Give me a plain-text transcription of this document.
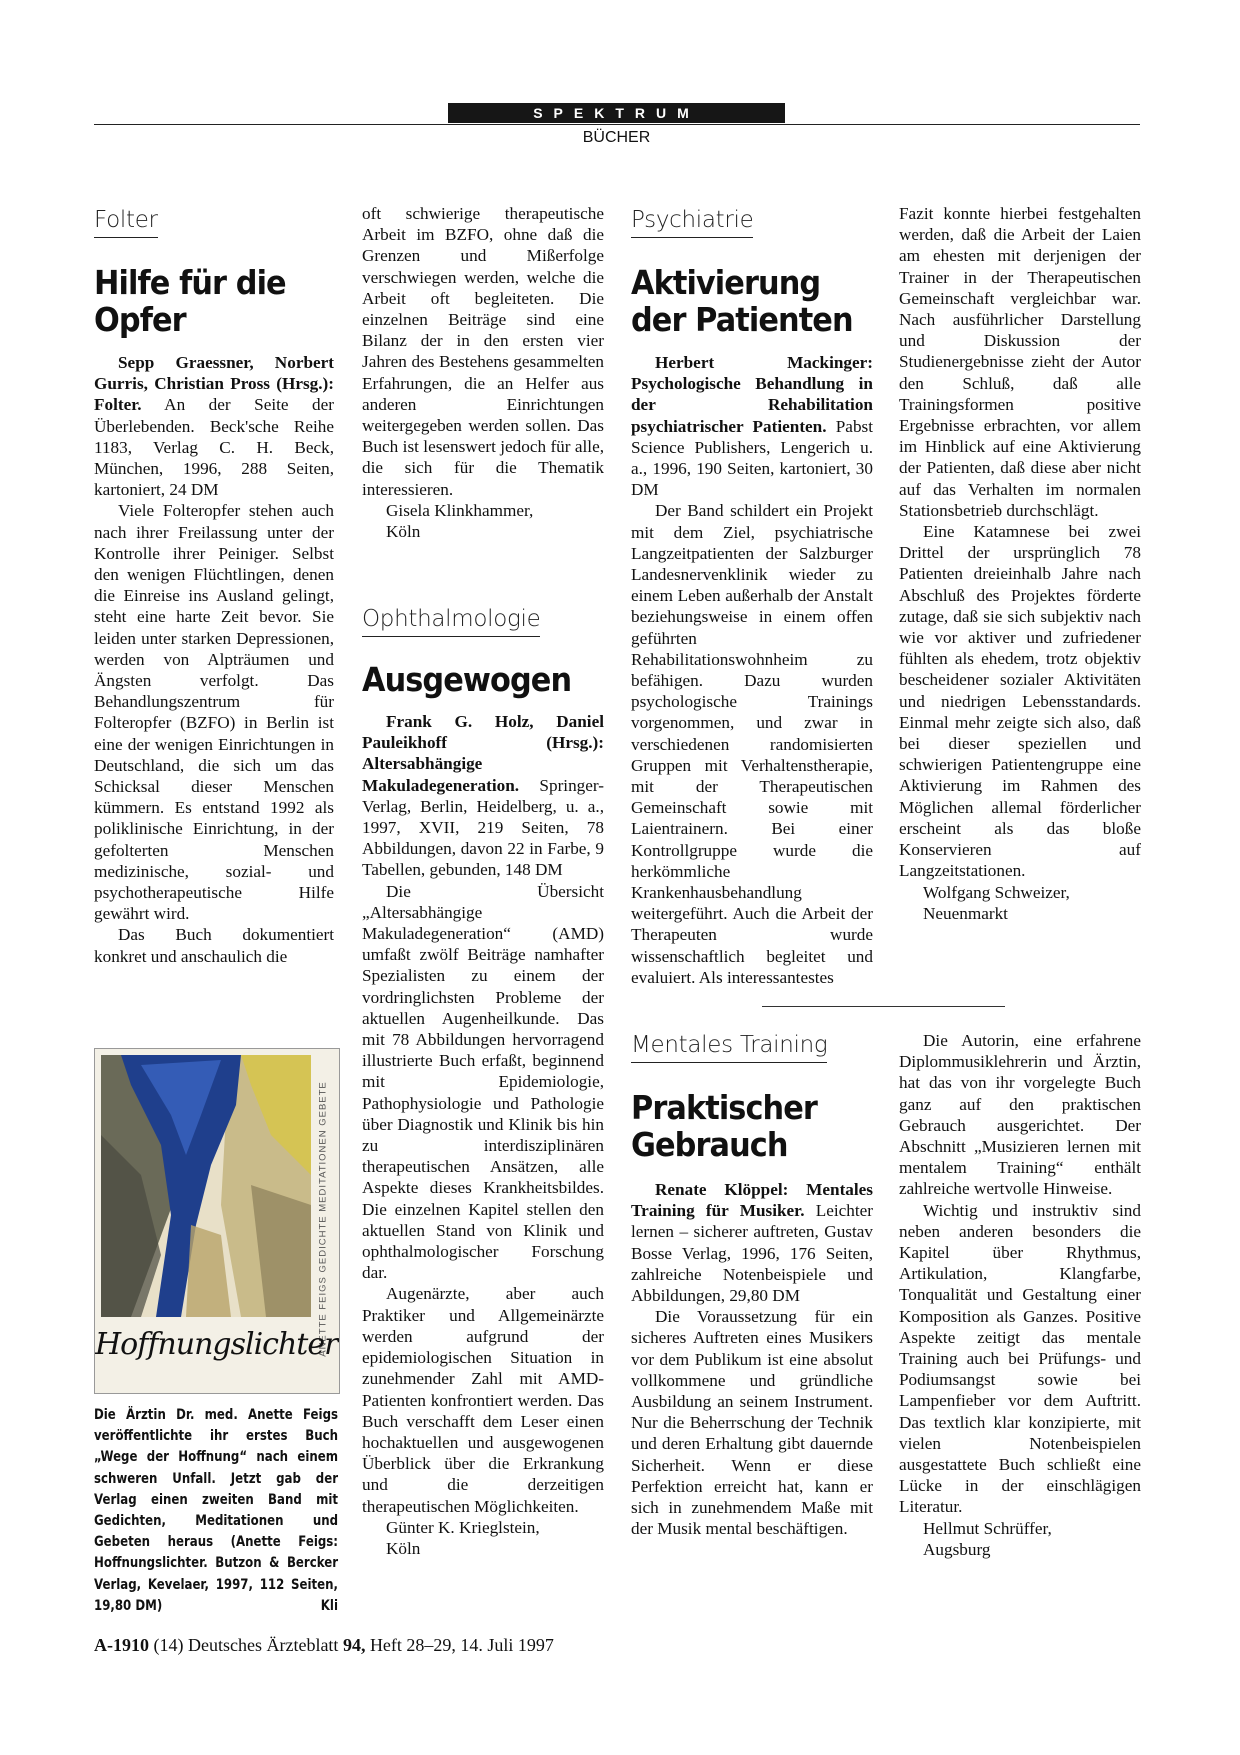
SPEKTRUM
BÜCHER
Folter
Hilfe für die Opfer

Sepp Graessner, Norbert Gurris, Christian Pross (Hrsg.): Folter. An der Seite der Überlebenden. Beck'sche Reihe 1183, Verlag C. H. Beck, München, 1996, 288 Seiten, kartoniert, 24 DM

Viele Folteropfer stehen auch nach ihrer Freilassung unter der Kontrolle ihrer Peiniger. Selbst den wenigen Flüchtlingen, denen die Einreise ins Ausland gelingt, steht eine harte Zeit bevor. Sie leiden unter starken Depressionen, werden von Alpträumen und Ängsten verfolgt. Das Behandlungszentrum für Folteropfer (BZFO) in Berlin ist eine der wenigen Einrichtungen in Deutschland, die sich um das Schicksal dieser Menschen kümmern. Es entstand 1992 als poliklinische Einrichtung, in der gefolterten Menschen medizinische, sozial- und psychotherapeutische Hilfe gewährt wird.

Das Buch dokumentiert konkret und anschaulich die

oft schwierige therapeutische Arbeit im BZFO, ohne daß die Grenzen und Mißerfolge verschwiegen werden, welche die Arbeit oft begleiteten. Die einzelnen Beiträge sind eine Bilanz der in den ersten vier Jahren des Bestehens gesammelten Erfahrungen, die an Helfer aus anderen Einrichtungen weitergegeben werden sollen. Das Buch ist lesenswert jedoch für alle, die sich für die Thematik interessieren.

Gisela Klinkhammer,
Köln
ANETTE FEIGS GEDICHTE MEDITATIONEN GEBETE
Hoffnungslichter
Die Ärztin Dr. med. Anette Feigs veröffentlichte ihr erstes Buch „Wege der Hoffnung“ nach einem schweren Unfall. Jetzt gab der Verlag einen zweiten Band mit Gedichten, Meditationen und Gebeten heraus (Anette Feigs: Hoffnungslichter. Butzon & Bercker Verlag, Kevelaer, 1997, 112 Seiten, 19,80 DM)	Kli
Ophthalmologie
Ausgewogen

Frank G. Holz, Daniel Pauleikhoff (Hrsg.): Altersabhängige Makuladegeneration. Springer-Verlag, Berlin, Heidelberg, u. a., 1997, XVII, 219 Seiten, 78 Abbildungen, davon 22 in Farbe, 9 Tabellen, gebunden, 148 DM

Die Übersicht „Altersabhängige Makuladegeneration“ (AMD) umfaßt zwölf Beiträge namhafter Spezialisten zu einem der vordringlichsten Probleme der aktuellen Augenheilkunde. Das mit 78 Abbildungen hervorragend illustrierte Buch erfaßt, beginnend mit Epidemiologie, Pathophysiologie und Pathologie über Diagnostik und Klinik bis hin zu interdisziplinären therapeutischen Ansätzen, alle Aspekte dieses Krankheitsbildes. Die einzelnen Kapitel stellen den aktuellen Stand von Klinik und ophthalmologischer Forschung dar.

Augenärzte, aber auch Praktiker und Allgemeinärzte werden aufgrund der epidemiologischen Situation in zunehmender Zahl mit AMD-Patienten konfrontiert werden. Das Buch verschafft dem Leser einen hochaktuellen und ausgewogenen Überblick über die Erkrankung und die derzeitigen therapeutischen Möglichkeiten.

Günter K. Krieglstein,
Köln
Psychiatrie
Aktivierung der Patienten

Herbert Mackinger: Psychologische Behandlung in der Rehabilitation psychiatrischer Patienten. Pabst Science Publishers, Lengerich u. a., 1996, 190 Seiten, kartoniert, 30 DM

Der Band schildert ein Projekt mit dem Ziel, psychiatrische Langzeitpatienten der Salzburger Landesnervenklinik wieder zu einem Leben außerhalb der Anstalt beziehungsweise in einem offen geführten Rehabilitationswohnheim zu befähigen. Dazu wurden psychologische Trainings vorgenommen, und zwar in verschiedenen randomisierten Gruppen mit Verhaltenstherapie, mit der Therapeutischen Gemeinschaft sowie mit Laientrainern. Bei einer Kontrollgruppe wurde die herkömmliche Krankenhausbehandlung weitergeführt. Auch die Arbeit der Therapeuten wurde wissenschaftlich begleitet und evaluiert. Als interessantestes

Fazit konnte hierbei festgehalten werden, daß die Arbeit der Laien am ehesten mit derjenigen der Trainer in der Therapeutischen Gemeinschaft vergleichbar war. Nach ausführlicher Darstellung und Diskussion der Studienergebnisse zieht der Autor den Schluß, daß alle Trainingsformen positive Ergebnisse erbrachten, vor allem im Hinblick auf eine Aktivierung der Patienten, daß diese aber nicht auf das Verhalten im normalen Stationsbetrieb durchschlägt.

Eine Katamnese bei zwei Drittel der ursprünglich 78 Patienten dreieinhalb Jahre nach Abschluß des Projektes förderte zutage, daß sie sich subjektiv nach wie vor aktiver und zufriedener fühlten als ehedem, trotz objektiv bescheidener sozialer Aktivitäten und niedrigen Lebensstandards. Einmal mehr zeigte sich also, daß bei dieser speziellen und schwierigen Patientengruppe eine Aktivierung im Rahmen des Möglichen allemal förderlicher erscheint als das bloße Konservieren auf Langzeitstationen.

Wolfgang Schweizer,
Neuenmarkt
Mentales Training
Praktischer Gebrauch

Renate Klöppel: Mentales Training für Musiker. Leichter lernen – sicherer auftreten, Gustav Bosse Verlag, 1996, 176 Seiten, zahlreiche Notenbeispiele und Abbildungen, 29,80 DM

Die Voraussetzung für ein sicheres Auftreten eines Musikers vor dem Publikum ist eine absolut vollkommene und gründliche Ausbildung an seinem Instrument. Nur die Beherrschung der Technik und deren Erhaltung gibt dauernde Sicherheit. Wenn er diese Perfektion erreicht hat, kann er sich in zunehmendem Maße mit der Musik mental beschäftigen.

Die Autorin, eine erfahrene Diplommusiklehrerin und Ärztin, hat das von ihr vorgelegte Buch ganz auf den praktischen Gebrauch ausgerichtet. Der Abschnitt „Musizieren lernen mit mentalem Training“ enthält zahlreiche wertvolle Hinweise.

Wichtig und instruktiv sind neben anderen besonders die Kapitel über Rhythmus, Artikulation, Klangfarbe, Tonqualität und Gestaltung einer Komposition als Ganzes. Positive Aspekte zeitigt das mentale Training auch bei Prüfungs- und Podiumsangst sowie bei Lampenfieber vor dem Auftritt. Das textlich klar konzipierte, mit vielen Notenbeispielen ausgestattete Buch schließt eine Lücke in der einschlägigen Literatur.

Hellmut Schrüffer,
Augsburg
A-1910 (14) Deutsches Ärzteblatt 94, Heft 28–29, 14. Juli 1997
